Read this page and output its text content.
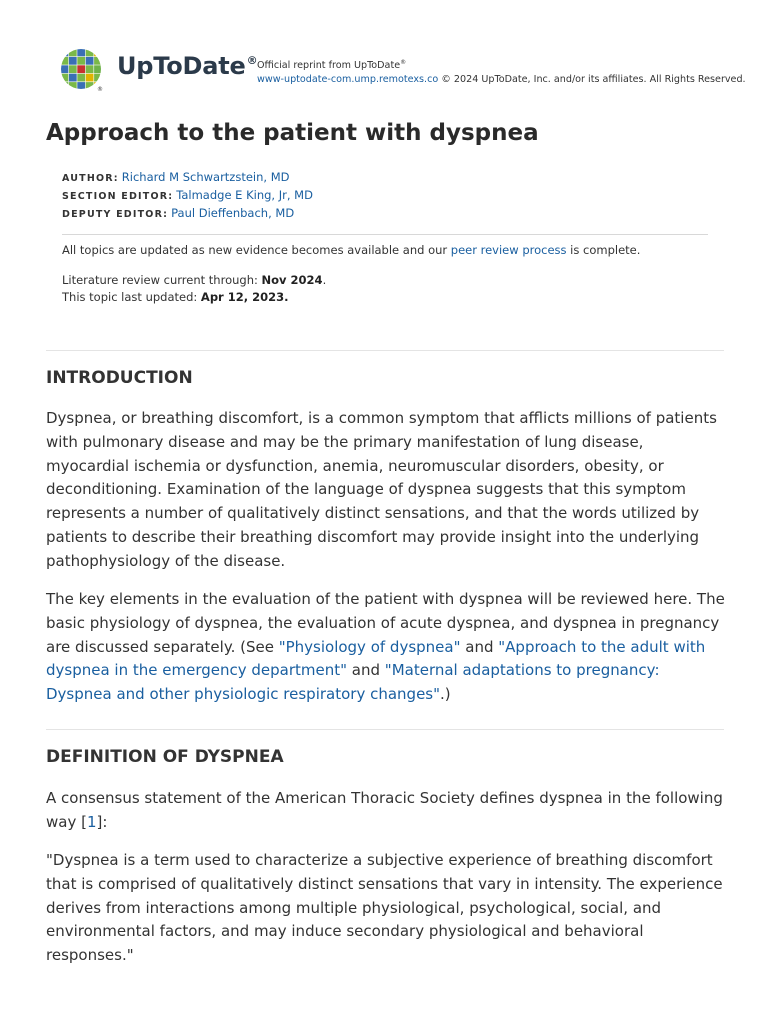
®
UpToDate® Official reprint from UpToDate®
www-uptodate-com.ump.remotexs.co © 2024 UpToDate, Inc. and/or its affiliates. All Rights Reserved.
Approach to the patient with dyspnea
AUTHOR: Richard M Schwartzstein, MD
SECTION EDITOR: Talmadge E King, Jr, MD
DEPUTY EDITOR: Paul Dieffenbach, MD
All topics are updated as new evidence becomes available and our peer review process is complete.
Literature review current through: Nov 2024.
This topic last updated: Apr 12, 2023.
INTRODUCTION

Dyspnea, or breathing discomfort, is a common symptom that afflicts millions of patients with pulmonary disease and may be the primary manifestation of lung disease, myocardial ischemia or dysfunction, anemia, neuromuscular disorders, obesity, or deconditioning. Examination of the language of dyspnea suggests that this symptom represents a number of qualitatively distinct sensations, and that the words utilized by patients to describe their breathing discomfort may provide insight into the underlying pathophysiology of the disease.

The key elements in the evaluation of the patient with dyspnea will be reviewed here. The basic physiology of dyspnea, the evaluation of acute dyspnea, and dyspnea in pregnancy are discussed separately. (See "Physiology of dyspnea" and "Approach to the adult with dyspnea in the emergency department" and "Maternal adaptations to pregnancy: Dyspnea and other physiologic respiratory changes".)

DEFINITION OF DYSPNEA

A consensus statement of the American Thoracic Society defines dyspnea in the following way [1]:

"Dyspnea is a term used to characterize a subjective experience of breathing discomfort that is comprised of qualitatively distinct sensations that vary in intensity. The experience derives from interactions among multiple physiological, psychological, social, and environmental factors, and may induce secondary physiological and behavioral responses."
